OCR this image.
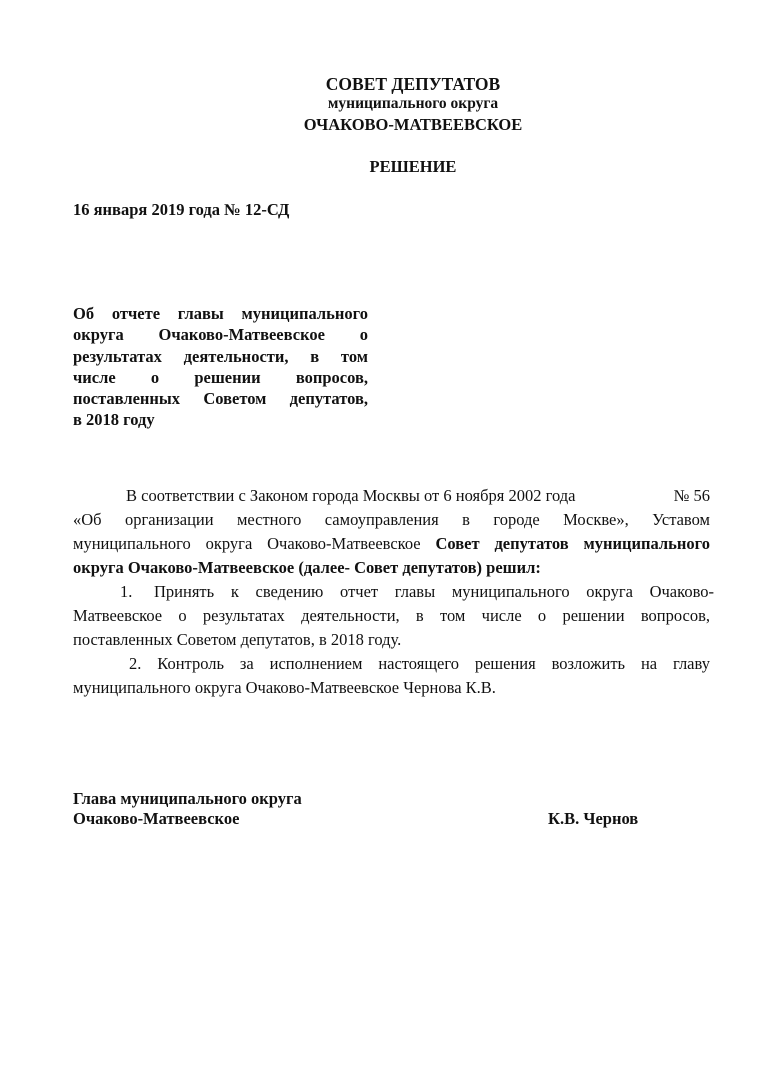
СОВЕТ ДЕПУТАТОВ
муниципального округа
ОЧАКОВО-МАТВЕЕВСКОЕ
РЕШЕНИЕ
16 января 2019 года № 12-СД
Об отчете главы муниципального
округа Очаково-Матвеевское о
результатах деятельности, в том
числе о решении вопросов,
поставленных Советом депутатов,
в 2018 году
В соответствии с Законом города Москвы от 6 ноября 2002 года	№ 56
«Об организации местного самоуправления в городе Москве», Уставом
муниципального округа Очаково-Матвеевское Совет депутатов муниципального
округа Очаково-Матвеевское (далее- Совет депутатов) решил:
1. Принять к сведению отчет главы муниципального округа Очаково-
Матвеевское о результатах деятельности, в том числе о решении вопросов,
поставленных Советом депутатов, в 2018 году.
2. Контроль за исполнением настоящего решения возложить на главу
муниципального округа Очаково-Матвеевское Чернова К.В.
Глава муниципального округа
Очаково-Матвеевское	К.В. Чернов
